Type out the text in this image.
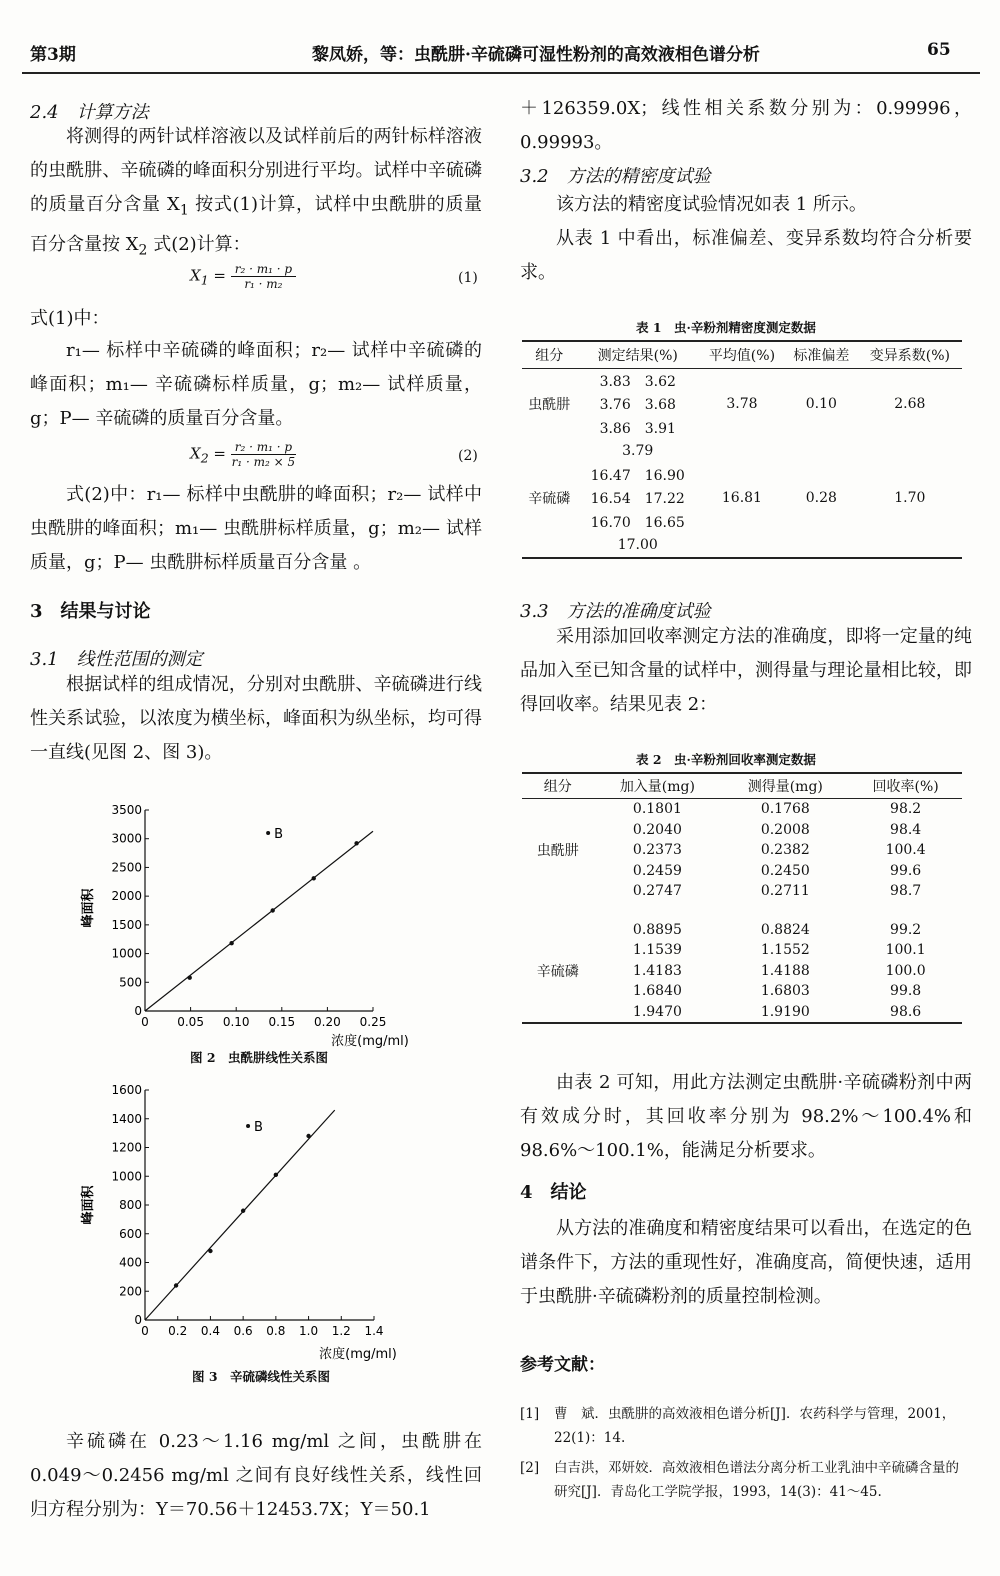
第3期	黎凤娇，等：虫酰肼·辛硫磷可湿性粉剂的高效液相色谱分析	65
2.4　计算方法
将测得的两针试样溶液以及试样前后的两针标样溶液的虫酰肼、辛硫磷的峰面积分别进行平均。试样中辛硫磷的质量百分含量 $X_1$ 按式(1)计算，试样中虫酰肼的质量百分含量按 $X_2$ 式(2)计算：
$X_1 = \frac{\text{r₂ · m₁ · p}}{\text{r₁ · m₂}}$	(1)
式(1)中：
r₁— 标样中辛硫磷的峰面积；r₂— 试样中辛硫磷的峰面积；m₁— 辛硫磷标样质量，g；m₂— 试样质量，g；P— 辛硫磷的质量百分含量。
$X_2 = \frac{\text{r₂ · m₁ · p}}{\text{r₁ · m₂ × 5}}$	(2)
式(2)中：r₁— 标样中虫酰肼的峰面积；r₂— 试样中虫酰肼的峰面积；m₁— 虫酰肼标样质量，g；m₂— 试样质量，g；P— 虫酰肼标样质量百分含量 。
3　结果与讨论
3.1　线性范围的测定
根据试样的组成情况，分别对虫酰肼、辛硫磷进行线性关系试验，以浓度为横坐标，峰面积为纵坐标，均可得一直线(见图 2、图 3)。
0
500
1000
1500
2000
2500
3000
3500
0 0.05 0.10 0.15 0.20 0.25
B
峰面积
浓度(mg/ml)
图 2　虫酰肼线性关系图
0
200
400
600
800
1000
1200
1400
1600
0 0.2 0.4 0.6 0.8 1.0 1.2 1.4
B
峰面积
浓度(mg/ml)
图 3　辛硫磷线性关系图
辛硫磷在 0.23～1.16 mg/ml 之间，虫酰肼在 0.049～0.2456 mg/ml 之间有良好线性关系，线性回归方程分别为：Y＝70.56＋12453.7X；Y＝50.1
＋126359.0X；线性相关系数分别为：0.99996，0.99993。
3.2　方法的精密度试验
该方法的精密度试验情况如表 1 所示。
从表 1 中看出，标准偏差、变异系数均符合分析要求。
表 1　虫·辛粉剂精密度测定数据
组分	测定结果(%)	平均值(%)	标准偏差	变异系数(%)
	3.83　3.62			
虫酰肼	3.76　3.68	3.78	0.10	2.68
	3.86　3.91			
	3.79			
	16.47　16.90			
辛硫磷	16.54　17.22	16.81	0.28	1.70
	16.70　16.65			
	17.00			
3.3　方法的准确度试验
采用添加回收率测定方法的准确度，即将一定量的纯品加入至已知含量的试样中，测得量与理论量相比较，即得回收率。结果见表 2：
表 2　虫·辛粉剂回收率测定数据
组分	加入量(mg)	测得量(mg)	回收率(%)
	0.1801	0.1768	98.2
	0.2040	0.2008	98.4
虫酰肼	0.2373	0.2382	100.4
	0.2459	0.2450	99.6
	0.2747	0.2711	98.7

	0.8895	0.8824	99.2
	1.1539	1.1552	100.1
辛硫磷	1.4183	1.4188	100.0
	1.6840	1.6803	99.8
	1.9470	1.9190	98.6
由表 2 可知，用此方法测定虫酰肼·辛硫磷粉剂中两有效成分时，其回收率分别为 98.2%～100.4%和 98.6%～100.1%，能满足分析要求。
4　结论
从方法的准确度和精密度结果可以看出，在选定的色谱条件下，方法的重现性好，准确度高，简便快速，适用于虫酰肼·辛硫磷粉剂的质量控制检测。
参考文献：
[1]	曹　斌．虫酰肼的高效液相色谱分析[J]．农药科学与管理，2001，22(1)：14.
[2]	白吉洪，邓妍姣．高效液相色谱法分离分析工业乳油中辛硫磷含量的研究[J]．青岛化工学院学报，1993，14(3)：41～45.
